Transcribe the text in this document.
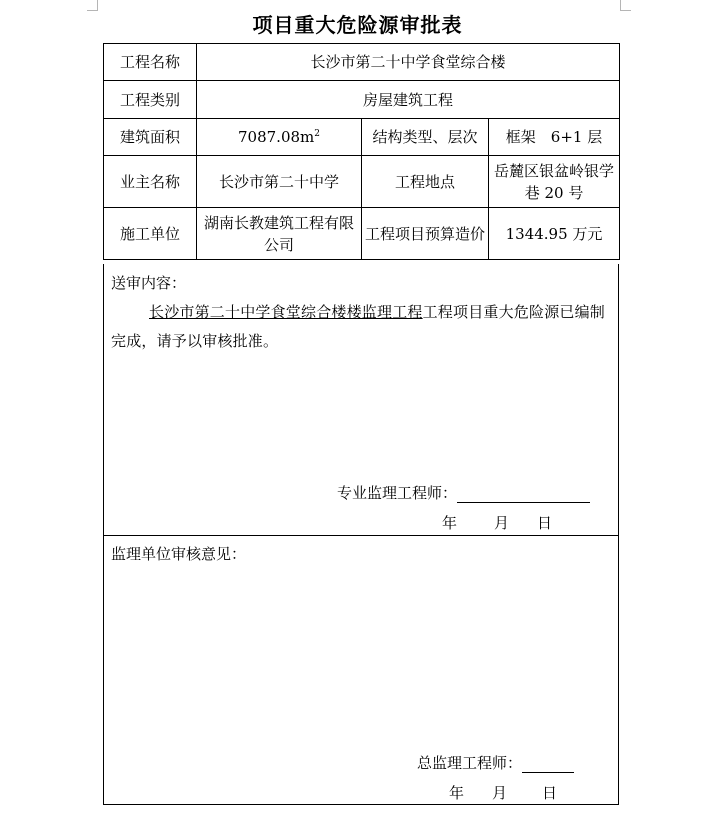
项目重大危险源审批表
工程名称	长沙市第二十中学食堂综合楼		
工程类别	房屋建筑工程		
建筑面积	$7087.08m^2$	结构类型、层次	框架　6+1 层
业主名称	长沙市第二十中学	工程地点	岳麓区银盆岭银学巷 20 号
施工单位	湖南长教建筑工程有限公司	工程项目预算造价	1344.95 万元
送审内容：
长沙市第二十中学食堂综合楼楼监理工程工程项目重大危险源已编制完成，请予以审核批准。
专业监理工程师：
年 月 日
监理单位审核意见：
总监理工程师：
年 月 日
